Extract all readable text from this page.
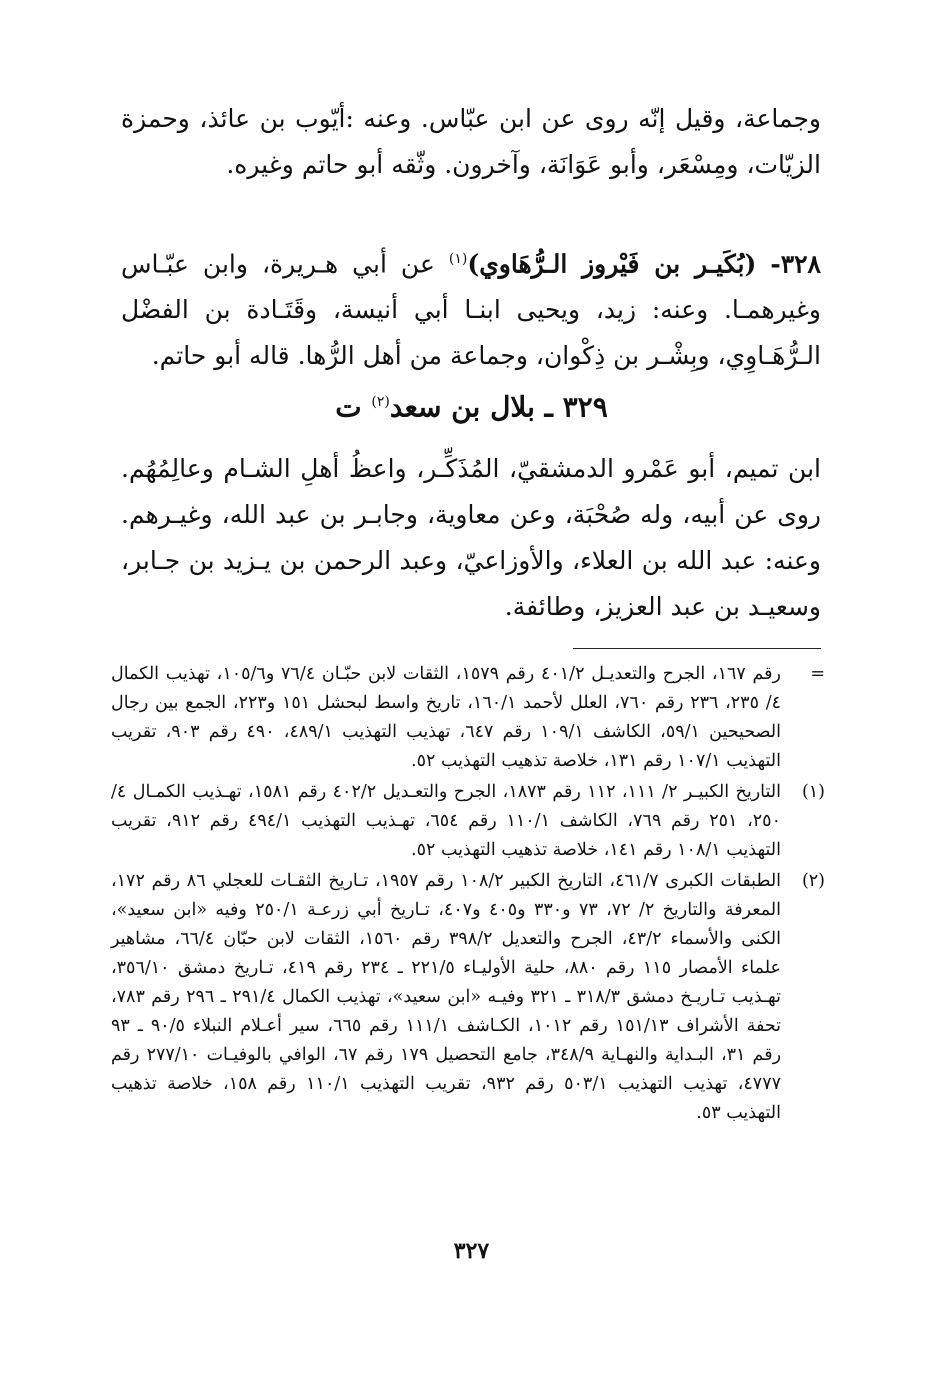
وجماعة، وقيل إنّه روى عن ابن عبّاس. وعنه :أيّوب بن عائذ، وحمزة الزيّات، ومِسْعَر، وأبو عَوَانَة، وآخرون. وثّقه أبو حاتم وغيره.

٣٢٨- (بُكَيـر بن فَيْروز الـرُّهَاوي)$^{(١)}$ عن أبي هـريرة، وابن عبّـاس وغيرهمـا. وعنه: زيد، ويحيى ابنـا أبي أنيسة، وقَتَـادة بن الفضْل الـرُّهَـاوِي، وبِشْـر بن ذِكْوان، وجماعة من أهل الرُّها. قاله أبو حاتم.

٣٢٩ ـ بلال بن سعد$^{(٢)}$ ت

ابن تميم، أبو عَمْرو الدمشقيّ، المُذَكِّـر، واعظُ أهلِ الشـام وعالِمُهُم. روى عن أبيه، وله صُحْبَة، وعن معاوية، وجابـر بن عبد الله، وغيـرهم. وعنه: عبد الله بن العلاء، والأوزاعيّ، وعبد الرحمن بن يـزيد بن جـابر، وسعيـد بن عبد العزيز، وطائفة.

=
رقم ١٦٧، الجرح والتعديـل ٤٠١/٢ رقم ١٥٧٩، الثقات لابن حبّـان ٧٦/٤ و١٠٥/٦، تهذيب الكمال ٤/ ٢٣٥، ٢٣٦ رقم ٧٦٠، العلل لأحمد ١٦٠/١، تاريخ واسط لبحشل ١٥١ و٢٢٣، الجمع بين رجال الصحيحين ٥٩/١، الكاشف ١٠٩/١ رقم ٦٤٧، تهذيب التهذيب ٤٨٩/١، ٤٩٠ رقم ٩٠٣، تقريب التهذيب ١٠٧/١ رقم ١٣١، خلاصة تذهيب التهذيب ٥٢.
(١)
التاريخ الكبيـر ٢/ ١١١، ١١٢ رقم ١٨٧٣، الجرح والتعـديل ٤٠٢/٢ رقم ١٥٨١، تهـذيب الكمـال ٤/ ٢٥٠، ٢٥١ رقم ٧٦٩، الكاشف ١١٠/١ رقم ٦٥٤، تهـذيب التهذيب ٤٩٤/١ رقم ٩١٢، تقريب التهذيب ١٠٨/١ رقم ١٤١، خلاصة تذهيب التهذيب ٥٢.
(٢)
الطبقات الكبرى ٤٦١/٧، التاريخ الكبير ١٠٨/٢ رقم ١٩٥٧، تـاريخ الثقـات للعجلي ٨٦ رقم ١٧٢، المعرفة والتاريخ ٢/ ٧٢، ٧٣ و٣٣٠ و٤٠٥ و٤٠٧، تـاريخ أبي زرعـة ٢٥٠/١ وفيه «ابن سعيد»، الكنى والأسماء ٤٣/٢، الجرح والتعديل ٣٩٨/٢ رقم ١٥٦٠، الثقات لابن حبّان ٦٦/٤، مشاهير علماء الأمصار ١١٥ رقم ٨٨٠، حلية الأوليـاء ٢٢١/٥ ـ ٢٣٤ رقم ٤١٩، تـاريخ دمشق ٣٥٦/١٠، تهـذيب تـاريـخ دمشق ٣١٨/٣ ـ ٣٢١ وفيـه «ابن سعيد»، تهذيب الكمال ٢٩١/٤ ـ ٢٩٦ رقم ٧٨٣، تحفة الأشراف ١٥١/١٣ رقم ١٠١٢، الكـاشف ١١١/١ رقم ٦٦٥، سير أعـلام النبلاء ٩٠/٥ ـ ٩٣ رقم ٣١، البـداية والنهـاية ٣٤٨/٩، جامع التحصيل ١٧٩ رقم ٦٧، الوافي بالوفيـات ٢٧٧/١٠ رقم ٤٧٧٧، تهذيب التهذيب ٥٠٣/١ رقم ٩٣٢، تقريب التهذيب ١١٠/١ رقم ١٥٨، خلاصة تذهيب التهذيب ٥٣.
٣٢٧
